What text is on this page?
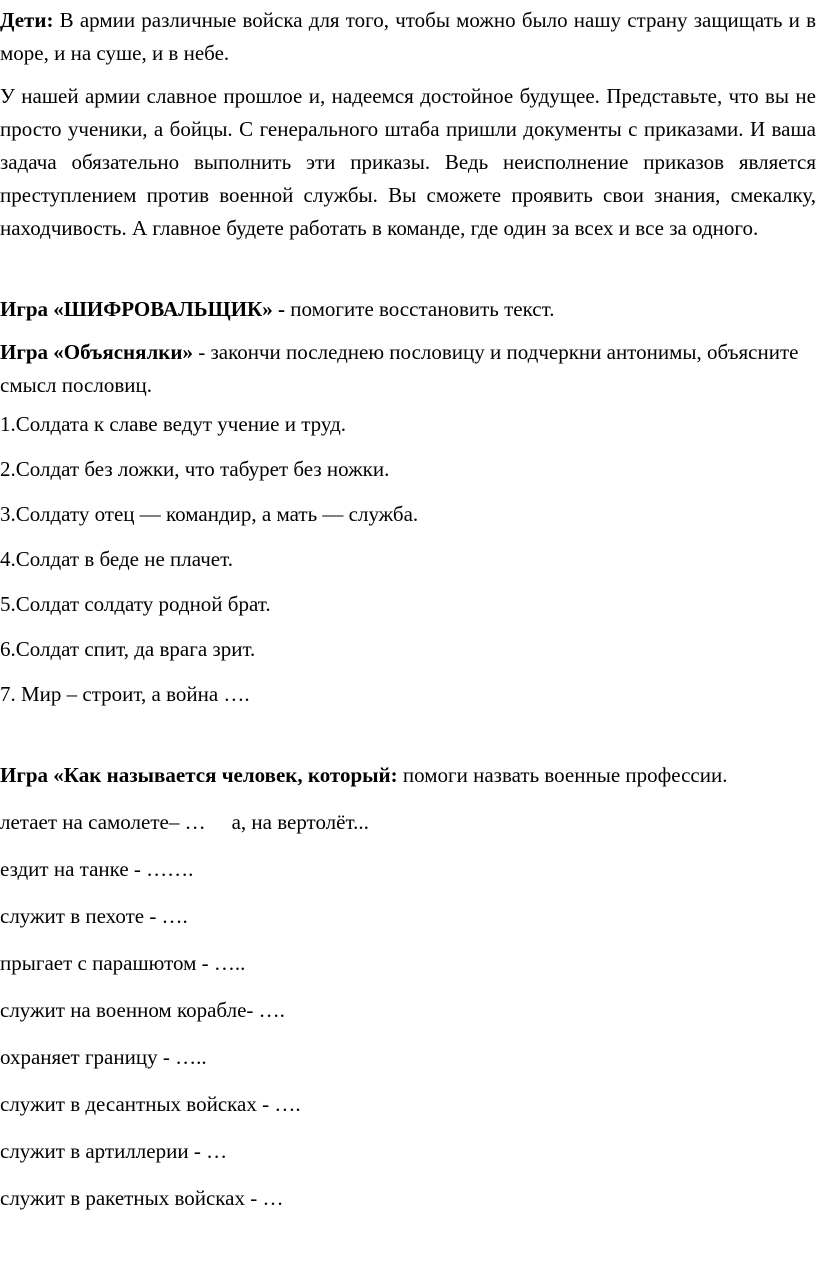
Дети: В армии различные войска для того, чтобы можно было нашу страну защищать и в море, и на суше, и в небе.

У нашей армии славное прошлое и, надеемся достойное будущее. Представьте, что вы не просто ученики, а бойцы. С генерального штаба пришли документы с приказами. И ваша задача обязательно выполнить эти приказы. Ведь неисполнение приказов является преступлением против военной службы. Вы сможете проявить свои знания, смекалку, находчивость. А главное будете работать в команде, где один за всех и все за одного.

Игра «ШИФРОВАЛЬЩИК» - помогите восстановить текст.

Игра «Объяснялки» - закончи последнею пословицу и подчеркни антонимы, объясните смысл пословиц.

1.Солдата к славе ведут учение и труд.

2.Солдат без ложки, что табурет без ножки.

3.Солдату отец — командир, а мать — служба.

4.Солдат в беде не плачет.

5.Солдат солдату родной брат.

6.Солдат спит, да врага зрит.

7. Мир – строит, а война ….

Игра «Как называется человек, который: помоги назвать военные профессии.

летает на самолете– … а, на вертолёт...

ездит на танке - …….

служит в пехоте - ….

прыгает с парашютом - …..

служит на военном корабле- ….

охраняет границу - …..

служит в десантных войсках - ….

служит в артиллерии - …

служит в ракетных войсках - …
